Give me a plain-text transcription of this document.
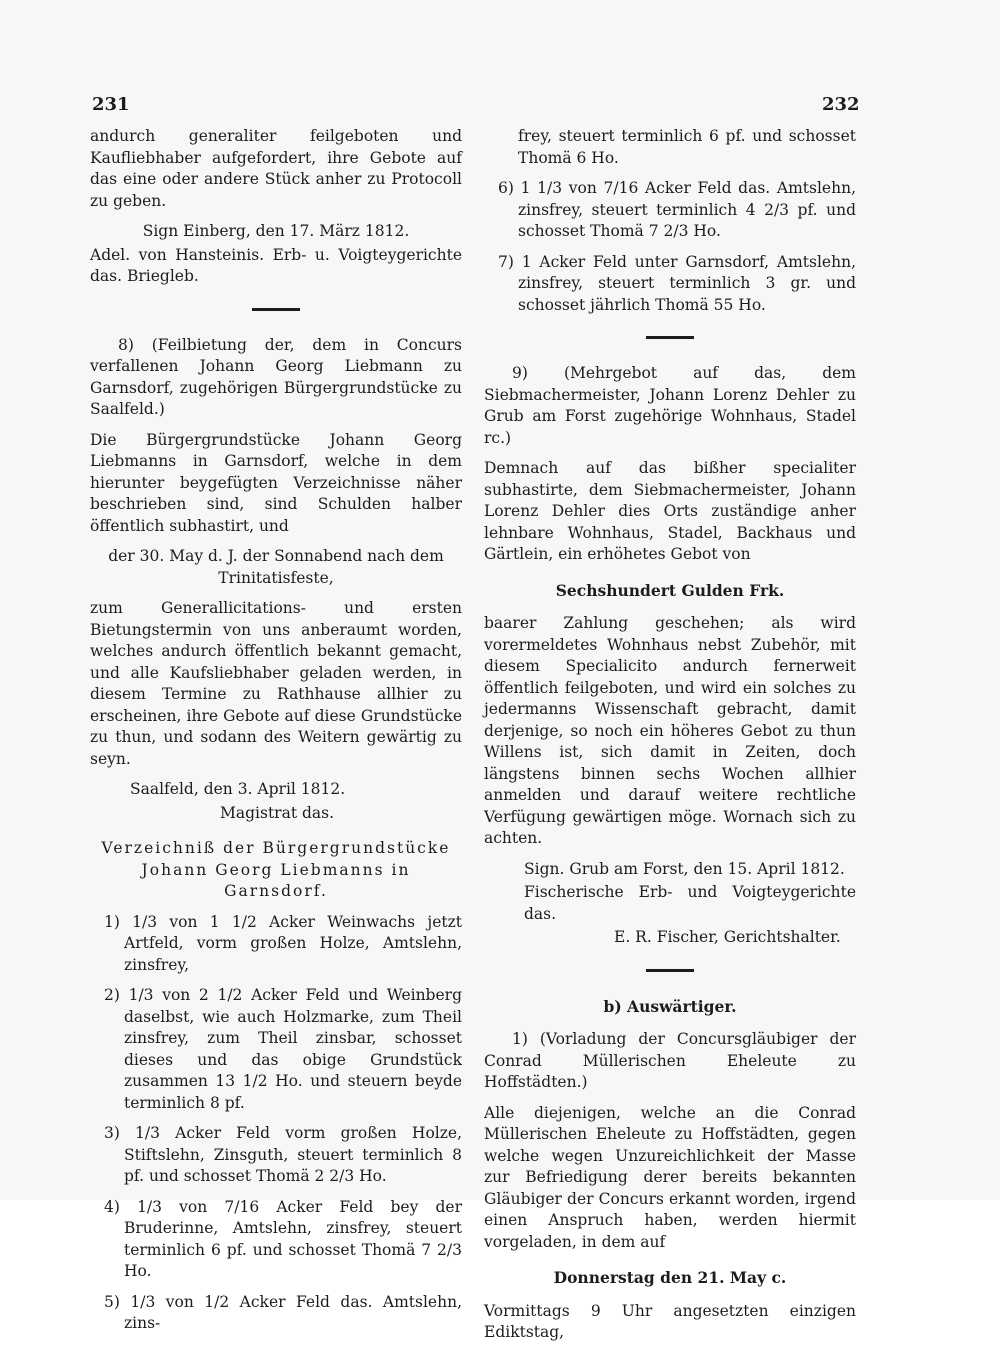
231	232

andurch generaliter feilgeboten und Kaufliebhaber aufgefordert, ihre Gebote auf das eine oder andere Stück anher zu Protocoll zu geben.

Sign Einberg, den 17. März 1812.

Adel. von Hansteinis. Erb- u. Voigteygerichte das. Briegleb.

8) (Feilbietung der, dem in Concurs verfallenen Johann Georg Liebmann zu Garnsdorf, zugehörigen Bürgergrundstücke zu Saalfeld.)

Die Bürgergrundstücke Johann Georg Liebmanns in Garnsdorf, welche in dem hierunter beygefügten Verzeichnisse näher beschrieben sind, sind Schulden halber öffentlich subhastirt, und

der 30. May d. J. der Sonnabend nach dem Trinitatisfeste,

zum Generallicitations- und ersten Bietungstermin von uns anberaumt worden, welches andurch öffentlich bekannt gemacht, und alle Kaufsliebhaber geladen werden, in diesem Termine zu Rathhause allhier zu erscheinen, ihre Gebote auf diese Grundstücke zu thun, und sodann des Weitern gewärtig zu seyn.

Saalfeld, den 3. April 1812.

Magistrat das.

Verzeichniß der Bürgergrundstücke Johann Georg Liebmanns in Garnsdorf.

1) 1/3 von 1 1/2 Acker Weinwachs jetzt Artfeld, vorm großen Holze, Amtslehn, zinsfrey,

2) 1/3 von 2 1/2 Acker Feld und Weinberg daselbst, wie auch Holzmarke, zum Theil zinsfrey, zum Theil zinsbar, schosset dieses und das obige Grundstück zusammen 13 1/2 Ho. und steuern beyde terminlich 8 pf.

3) 1/3 Acker Feld vorm großen Holze, Stiftslehn, Zinsguth, steuert terminlich 8 pf. und schosset Thomä 2 2/3 Ho.

4) 1/3 von 7/16 Acker Feld bey der Bruderinne, Amtslehn, zinsfrey, steuert terminlich 6 pf. und schosset Thomä 7 2/3 Ho.

5) 1/3 von 1/2 Acker Feld das. Amtslehn, zins-

frey, steuert terminlich 6 pf. und schosset Thomä 6 Ho.

6) 1 1/3 von 7/16 Acker Feld das. Amtslehn, zinsfrey, steuert terminlich 4 2/3 pf. und schosset Thomä 7 2/3 Ho.

7) 1 Acker Feld unter Garnsdorf, Amtslehn, zinsfrey, steuert terminlich 3 gr. und schosset jährlich Thomä 55 Ho.

9) (Mehrgebot auf das, dem Siebmachermeister, Johann Lorenz Dehler zu Grub am Forst zugehörige Wohnhaus, Stadel rc.)

Demnach auf das bißher specialiter subhastirte, dem Siebmachermeister, Johann Lorenz Dehler dies Orts zuständige anher lehnbare Wohnhaus, Stadel, Backhaus und Gärtlein, ein erhöhetes Gebot von

Sechshundert Gulden Frk.

baarer Zahlung geschehen; als wird vorermeldetes Wohnhaus nebst Zubehör, mit diesem Specialicito andurch fernerweit öffentlich feilgeboten, und wird ein solches zu jedermanns Wissenschaft gebracht, damit derjenige, so noch ein höheres Gebot zu thun Willens ist, sich damit in Zeiten, doch längstens binnen sechs Wochen allhier anmelden und darauf weitere rechtliche Verfügung gewärtigen möge. Wornach sich zu achten.

Sign. Grub am Forst, den 15. April 1812.

Fischerische Erb- und Voigteygerichte das.

E. R. Fischer, Gerichtshalter.

b) Auswärtiger.

1) (Vorladung der Concursgläubiger der Conrad Müllerischen Eheleute zu Hoffstädten.)

Alle diejenigen, welche an die Conrad Müllerischen Eheleute zu Hoffstädten, gegen welche wegen Unzureichlichkeit der Masse zur Befriedigung derer bereits bekannten Gläubiger der Concurs erkannt worden, irgend einen Anspruch haben, werden hiermit vorgeladen, in dem auf

Donnerstag den 21. May c.

Vormittags 9 Uhr angesetzten einzigen Ediktstag,
